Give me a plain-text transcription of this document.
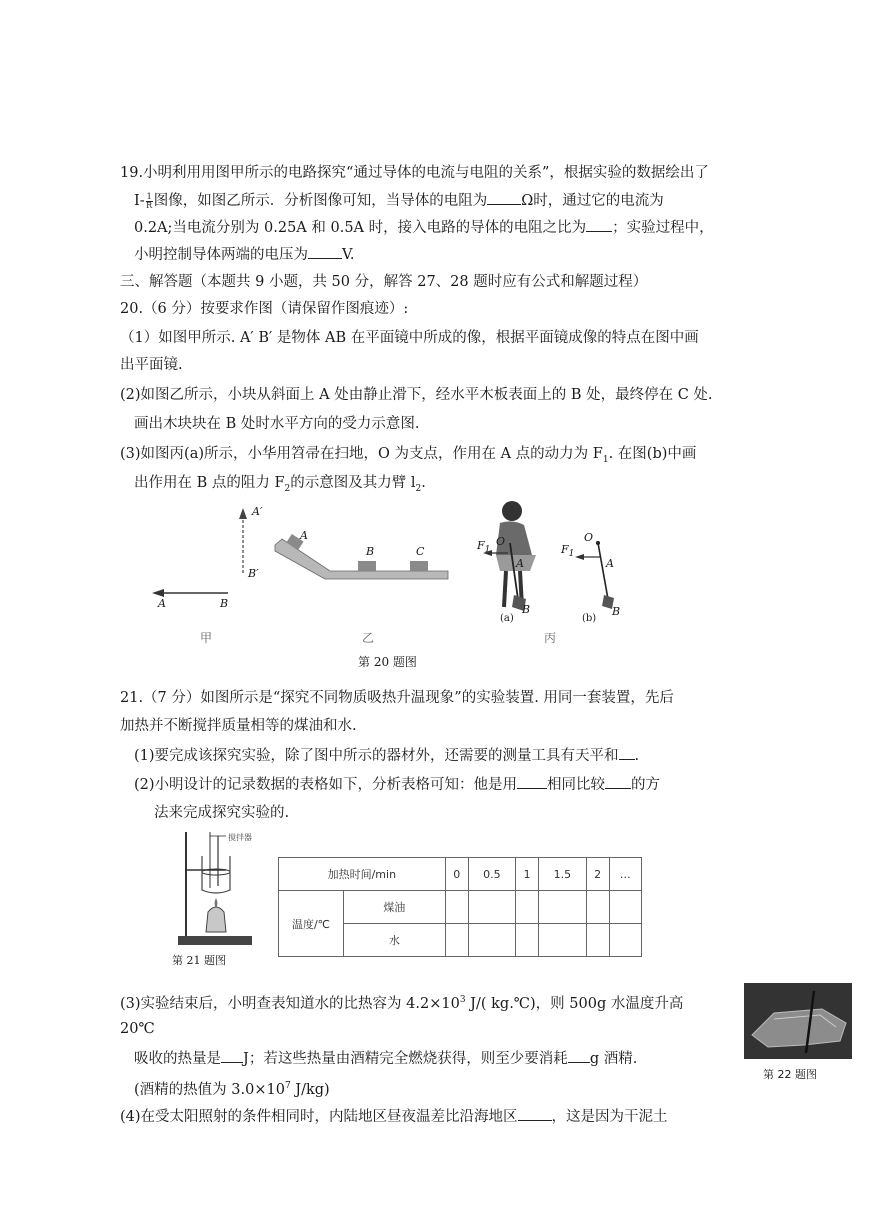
19.小明利用用图甲所示的电路探究“通过导体的电流与电阻的关系”，根据实验的数据绘出了
$I- \frac{1}{R}$ 图像，如图乙所示．分析图像可知，当导体的电阻为 Ω时，通过它的电流为
0.2A;当电流分别为 0.25A 和 0.5A 时，接入电路的导体的电阻之比为 ；实验过程中，
小明控制导体两端的电压为 V.
三、解答题（本题共 9 小题，共 50 分，解答 27、28 题时应有公式和解题过程）
20.（6 分）按要求作图（请保留作图痕迹）:
（1）如图甲所示. A′ B′ 是物体 AB 在平面镜中所成的像，根据平面镜成像的特点在图中画
出平面镜.
(2)如图乙所示，小块从斜面上 A 处由静止滑下，经水平木板表面上的 B 处，最终停在 C 处.
画出木块块在 B 处时水平方向的受力示意图.
(3)如图丙(a)所示，小华用笤帚在扫地，O 为支点，作用在 A 点的动力为 $F_1$. 在图(b)中画
出作用在 B 点的阻力 $F_2$的示意图及其力臂 $l_2$.
A′
B′
A	B
A
B	C
O
$F_1$
A
B
(a)
O
$F_1$
A
B
(b)
甲	乙	丙
第 20 题图
21.（7 分）如图所示是“探究不同物质吸热升温现象”的实验装置. 用同一套装置，先后
加热并不断搅拌质量相等的煤油和水.
(1)要完成该探究实验，除了图中所示的器材外，还需要的测量工具有天平和 .
(2)小明设计的记录数据的表格如下，分析表格可知：他是用 相同比较 的方
法来完成探究实验的.
搅拌器
第 21 题图
加热时间/min		0	0.5	1	1.5	2	…
温度/℃	煤油						
	水						
(3)实验结束后，小明查表知道水的比热容为 $4.2\times 10^3$ J/( kg.℃)，则 500g 水温度升高
20℃
吸收的热量是 J；若这些热量由酒精完全燃烧获得，则至少要消耗 g 酒精.
(酒精的热值为 $3.0\times 10^7$ J/kg)
(4)在受太阳照射的条件相同时，内陆地区昼夜温差比沿海地区 ，这是因为干泥土
第 22 题图
